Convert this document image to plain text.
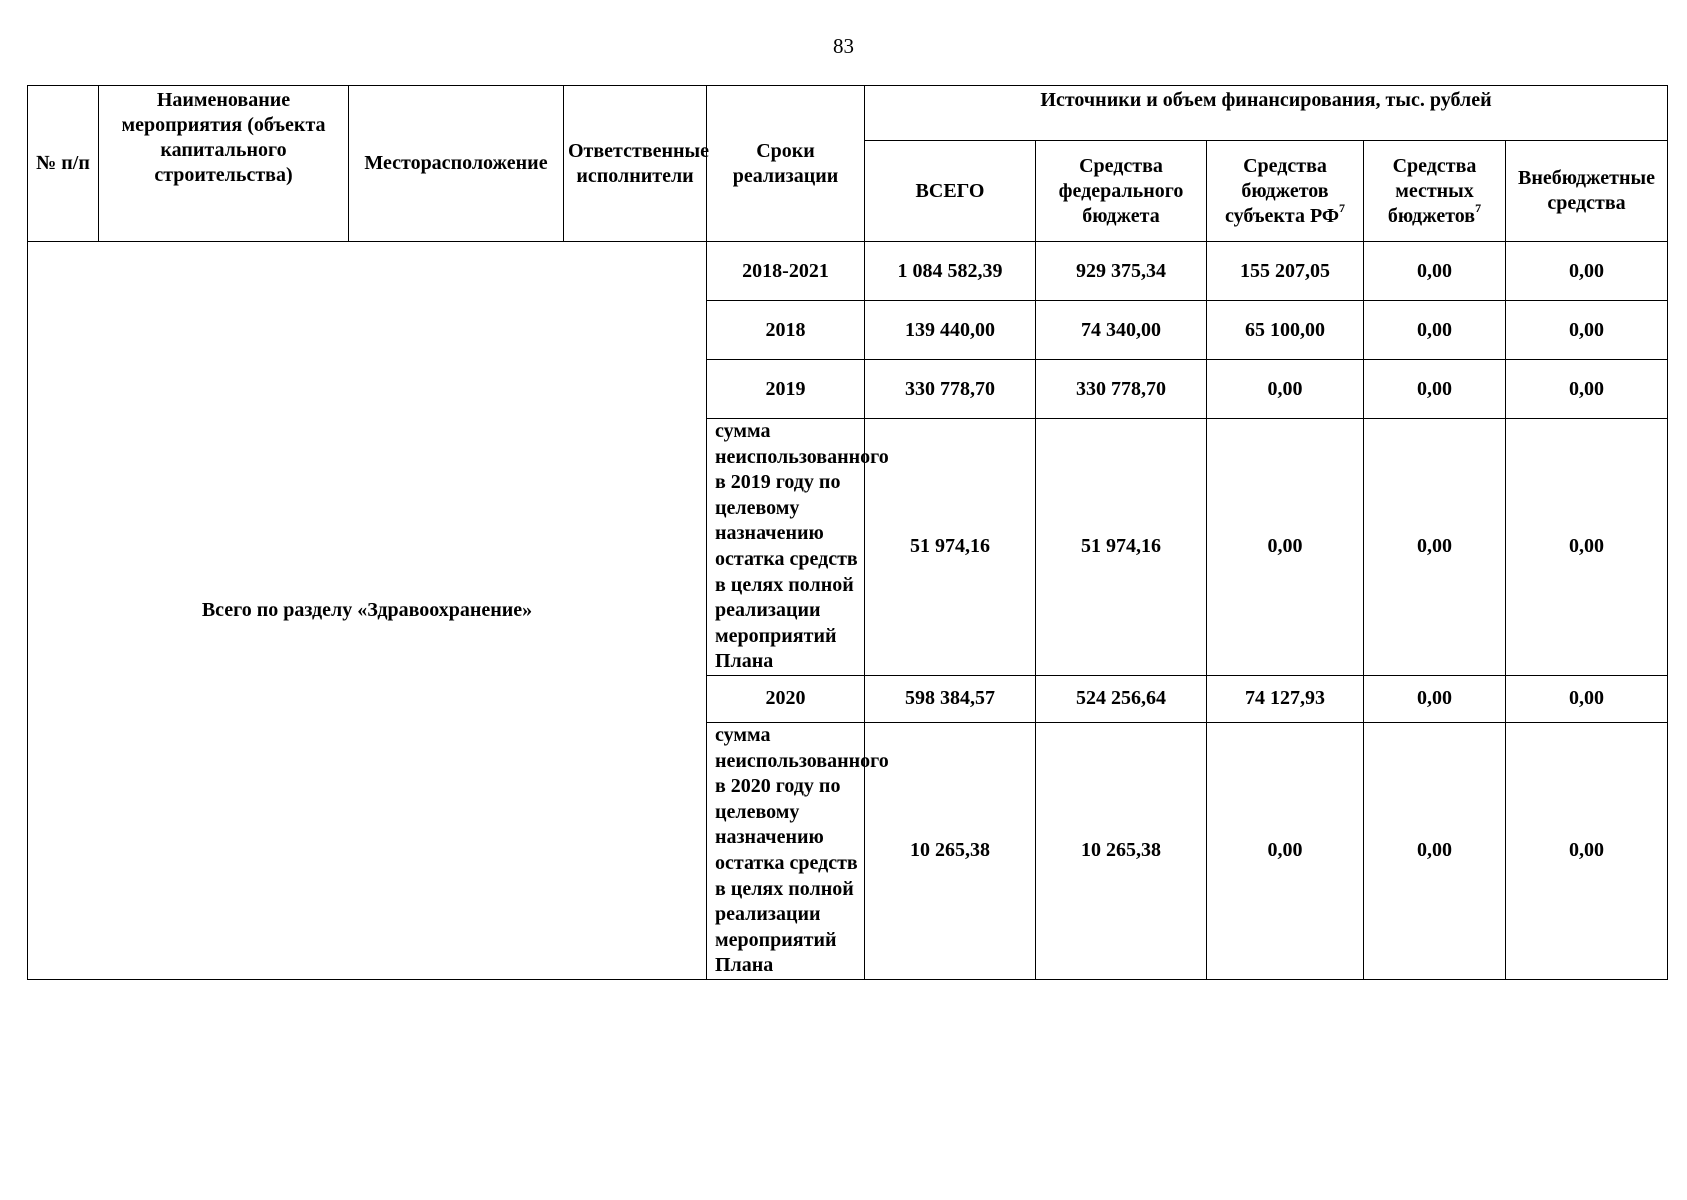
83
№ п/п	Наименование мероприятия (объекта капитального строительства)	Месторасположение	Ответственные исполнители	Сроки реализации	Источники и объем финансирования, тыс. рублей				
					ВСЕГО	Средства федерального бюджета	Средства бюджетов субъекта $РФ^7$	Средства местных бюджетов$^7$	Внебюджетные средства
Всего по разделу «Здравоохранение»				2018-2021	1 084 582,39	929 375,34	155 207,05	0,00	0,00
				2018	139 440,00	74 340,00	65 100,00	0,00	0,00
				2019	330 778,70	330 778,70	0,00	0,00	0,00
				сумма неиспользованного в 2019 году по целевому назначению остатка средств в целях полной реализации мероприятий Плана	51 974,16	51 974,16	0,00	0,00	0,00
				2020	598 384,57	524 256,64	74 127,93	0,00	0,00
				сумма неиспользованного в 2020 году по целевому назначению остатка средств в целях полной реализации мероприятий Плана	10 265,38	10 265,38	0,00	0,00	0,00
